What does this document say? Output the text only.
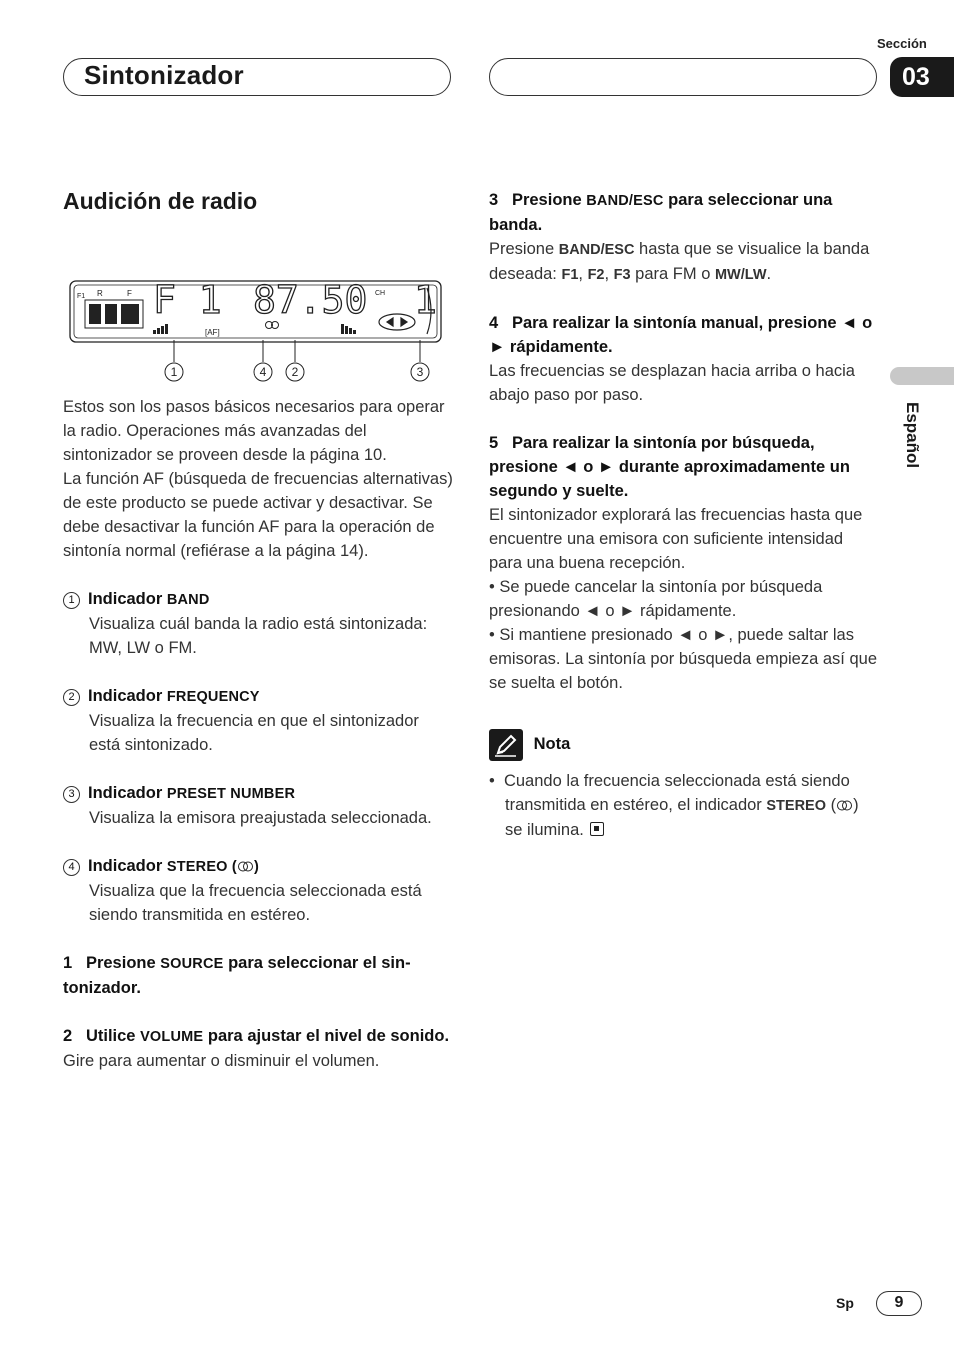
Sección
Sintonizador	03
Español
Audición de radio
F1 R	F F 1 87.50 CH 1
[AF]
1	4 2	3

Estos son los pasos básicos necesarios para operar la radio. Operaciones más avanzadas del sintonizador se proveen desde la página 10.

La función AF (búsqueda de frecuencias alternativas) de este producto se puede activar y desactivar. Se debe desactivar la función AF para la operación de sintonía normal (refiérase a la página 14).

1 Indicador BAND

Visualiza cuál banda la radio está sintonizada: MW, LW o FM.

2 Indicador FREQUENCY

Visualiza la frecuencia en que el sintonizador está sintonizado.

3 Indicador PRESET NUMBER

Visualiza la emisora preajustada seleccionada.

4 Indicador STEREO ( )

Visualiza que la frecuencia seleccionada está siendo transmitida en estéreo.

1 Presione SOURCE para seleccionar el sin-tonizador.

2 Utilice VOLUME para ajustar el nivel de sonido.

Gire para aumentar o disminuir el volumen.

3 Presione BAND/ESC para seleccionar una banda.

Presione BAND/ESC hasta que se visualice la banda deseada: F1, F2, F3 para FM o MW/LW.

4 Para realizar la sintonía manual, presione ◄ o ► rápidamente.

Las frecuencias se desplazan hacia arriba o hacia abajo paso por paso.

5 Para realizar la sintonía por búsqueda, presione ◄ o ► durante aproximadamente un segundo y suelte.

El sintonizador explorará las frecuencias hasta que encuentre una emisora con suficiente intensidad para una buena recepción.

• Se puede cancelar la sintonía por búsqueda presionando ◄ o ► rápidamente.

• Si mantiene presionado ◄ o ►, puede saltar las emisoras. La sintonía por búsqueda empieza así que se suelta el botón.

Nota

• Cuando la frecuencia seleccionada está siendo transmitida en estéreo, el indicador STEREO ( ) se ilumina.

Sp	9
